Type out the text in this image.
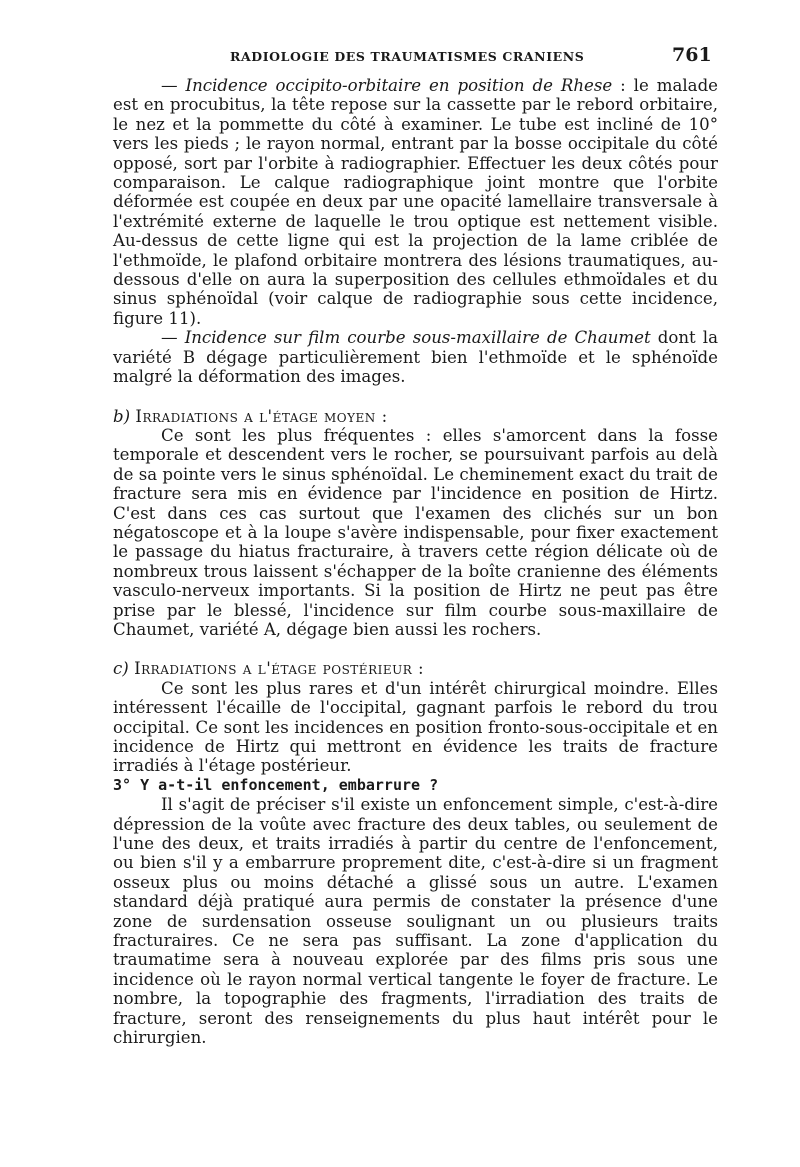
RADIOLOGIE DES TRAUMATISMES CRANIENS	761

— Incidence occipito-orbitaire en position de Rhese : le malade est en procubitus, la tête repose sur la cassette par le rebord orbitaire, le nez et la pommette du côté à examiner. Le tube est incliné de 10° vers les pieds ; le rayon normal, entrant par la bosse occipitale du côté opposé, sort par l'orbite à radiographier. Effectuer les deux côtés pour comparaison. Le calque radiographique joint montre que l'orbite déformée est coupée en deux par une opacité lamellaire transversale à l'extrémité externe de laquelle le trou optique est nettement visible. Au-dessus de cette ligne qui est la projection de la lame criblée de l'ethmoïde, le plafond orbitaire montrera des lésions traumatiques, au-dessous d'elle on aura la superposition des cellules ethmoïdales et du sinus sphénoïdal (voir calque de radiographie sous cette incidence, figure 11).

— Incidence sur film courbe sous-maxillaire de Chaumet dont la variété B dégage particulièrement bien l'ethmoïde et le sphénoïde malgré la déformation des images.

b) Irradiations a l'étage moyen :

Ce sont les plus fréquentes : elles s'amorcent dans la fosse temporale et descendent vers le rocher, se poursuivant parfois au delà de sa pointe vers le sinus sphénoïdal. Le cheminement exact du trait de fracture sera mis en évidence par l'incidence en position de Hirtz. C'est dans ces cas surtout que l'examen des clichés sur un bon négatoscope et à la loupe s'avère indispensable, pour fixer exactement le passage du hiatus fracturaire, à travers cette région délicate où de nombreux trous laissent s'échapper de la boîte cranienne des éléments vasculo-nerveux importants. Si la position de Hirtz ne peut pas être prise par le blessé, l'incidence sur film courbe sous-maxillaire de Chaumet, variété A, dégage bien aussi les rochers.

c) Irradiations a l'étage postérieur :

Ce sont les plus rares et d'un intérêt chirurgical moindre. Elles intéressent l'écaille de l'occipital, gagnant parfois le rebord du trou occipital. Ce sont les incidences en position fronto-sous-occipitale et en incidence de Hirtz qui mettront en évidence les traits de fracture irradiés à l'étage postérieur.

3° Y a-t-il enfoncement, embarrure ?

Il s'agit de préciser s'il existe un enfoncement simple, c'est-à-dire dépression de la voûte avec fracture des deux tables, ou seulement de l'une des deux, et traits irradiés à partir du centre de l'enfoncement, ou bien s'il y a embarrure proprement dite, c'est-à-dire si un fragment osseux plus ou moins détaché a glissé sous un autre. L'examen standard déjà pratiqué aura permis de constater la présence d'une zone de surdensation osseuse soulignant un ou plusieurs traits fracturaires. Ce ne sera pas suffisant. La zone d'application du traumatime sera à nouveau explorée par des films pris sous une incidence où le rayon normal vertical tangente le foyer de fracture. Le nombre, la topographie des fragments, l'irradiation des traits de fracture, seront des renseignements du plus haut intérêt pour le chirurgien.
